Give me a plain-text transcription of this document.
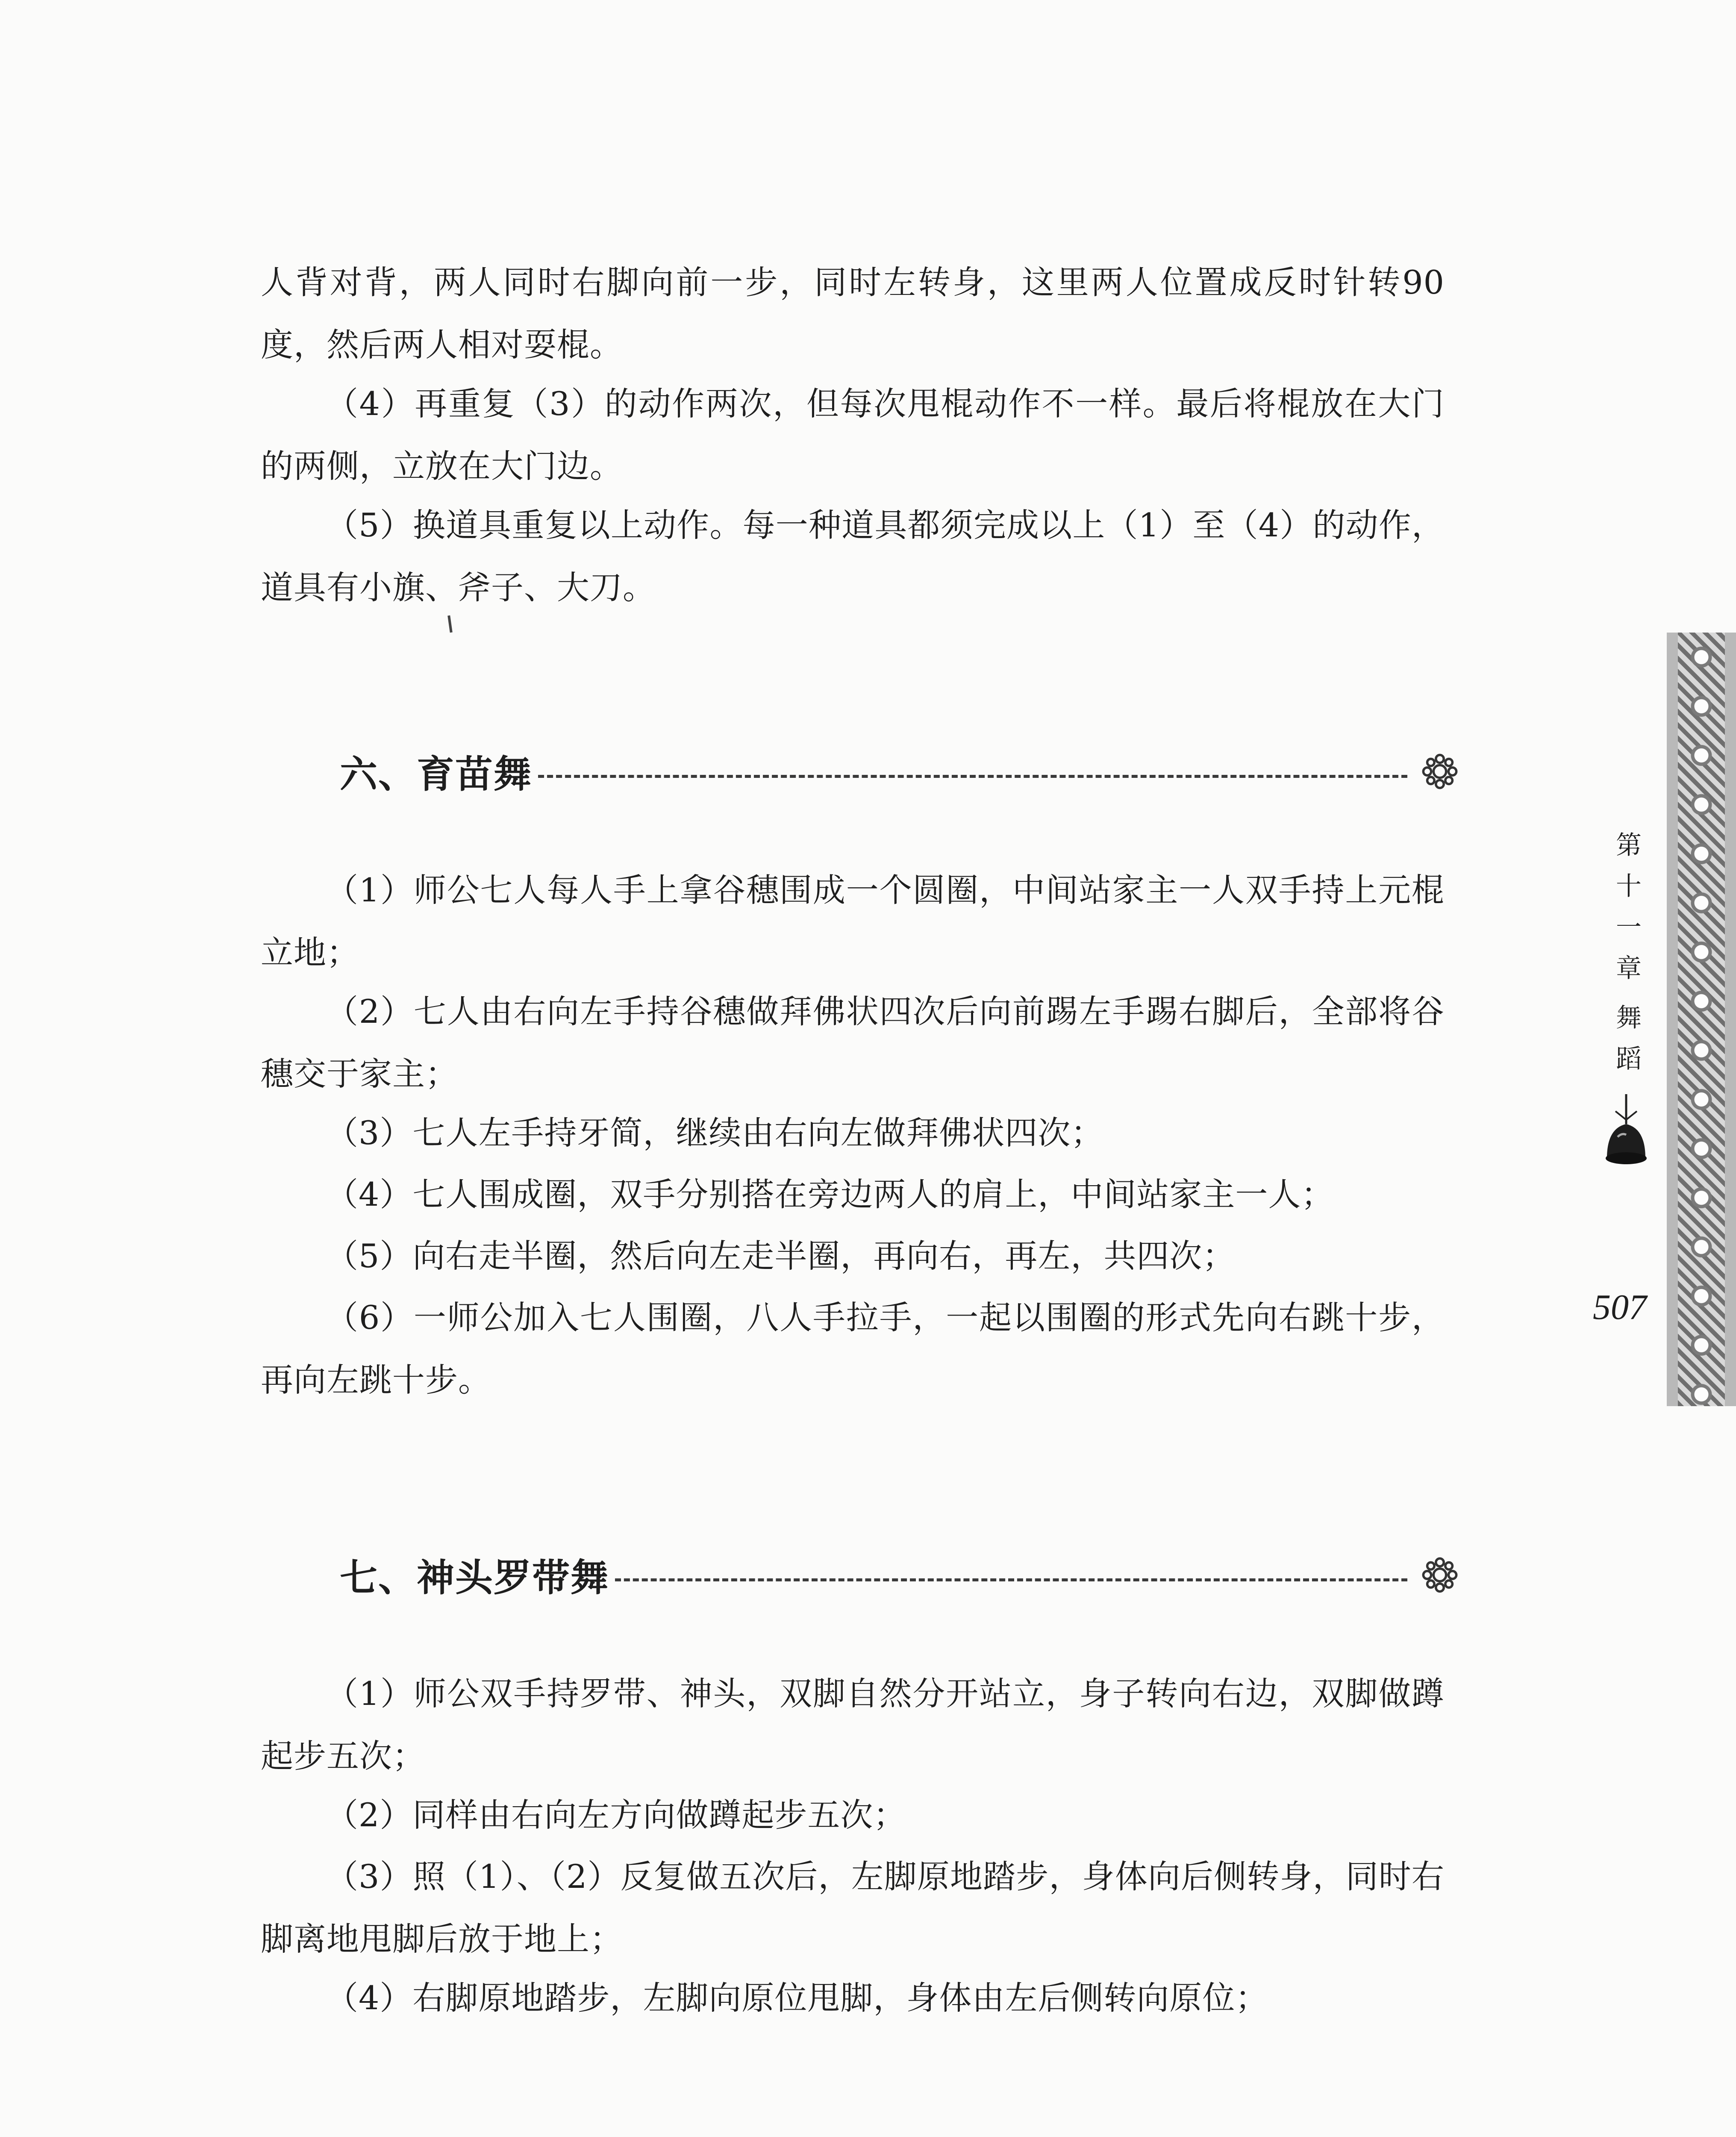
人背对背，两人同时右脚向前一步，同时左转身，这里两人位置成反时针转90度，然后两人相对耍棍。

（4）再重复（3）的动作两次，但每次甩棍动作不一样。最后将棍放在大门的两侧，立放在大门边。

（5）换道具重复以上动作。每一种道具都须完成以上（1）至（4）的动作，道具有小旗、斧子、大刀。

六、育苗舞

（1）师公七人每人手上拿谷穗围成一个圆圈，中间站家主一人双手持上元棍立地；

（2）七人由右向左手持谷穗做拜佛状四次后向前踢左手踢右脚后，全部将谷穗交于家主；

（3）七人左手持牙简，继续由右向左做拜佛状四次；

（4）七人围成圈，双手分别搭在旁边两人的肩上，中间站家主一人；

（5）向右走半圈，然后向左走半圈，再向右，再左，共四次；

（6）一师公加入七人围圈，八人手拉手，一起以围圈的形式先向右跳十步，再向左跳十步。

七、神头罗带舞

（1）师公双手持罗带、神头，双脚自然分开站立，身子转向右边，双脚做蹲起步五次；

（2）同样由右向左方向做蹲起步五次；

（3）照（1）、（2）反复做五次后，左脚原地踏步，身体向后侧转身，同时右脚离地甩脚后放于地上；

（4）右脚原地踏步，左脚向原位甩脚，身体由左后侧转向原位；

第
十
一
章
舞
蹈
507
